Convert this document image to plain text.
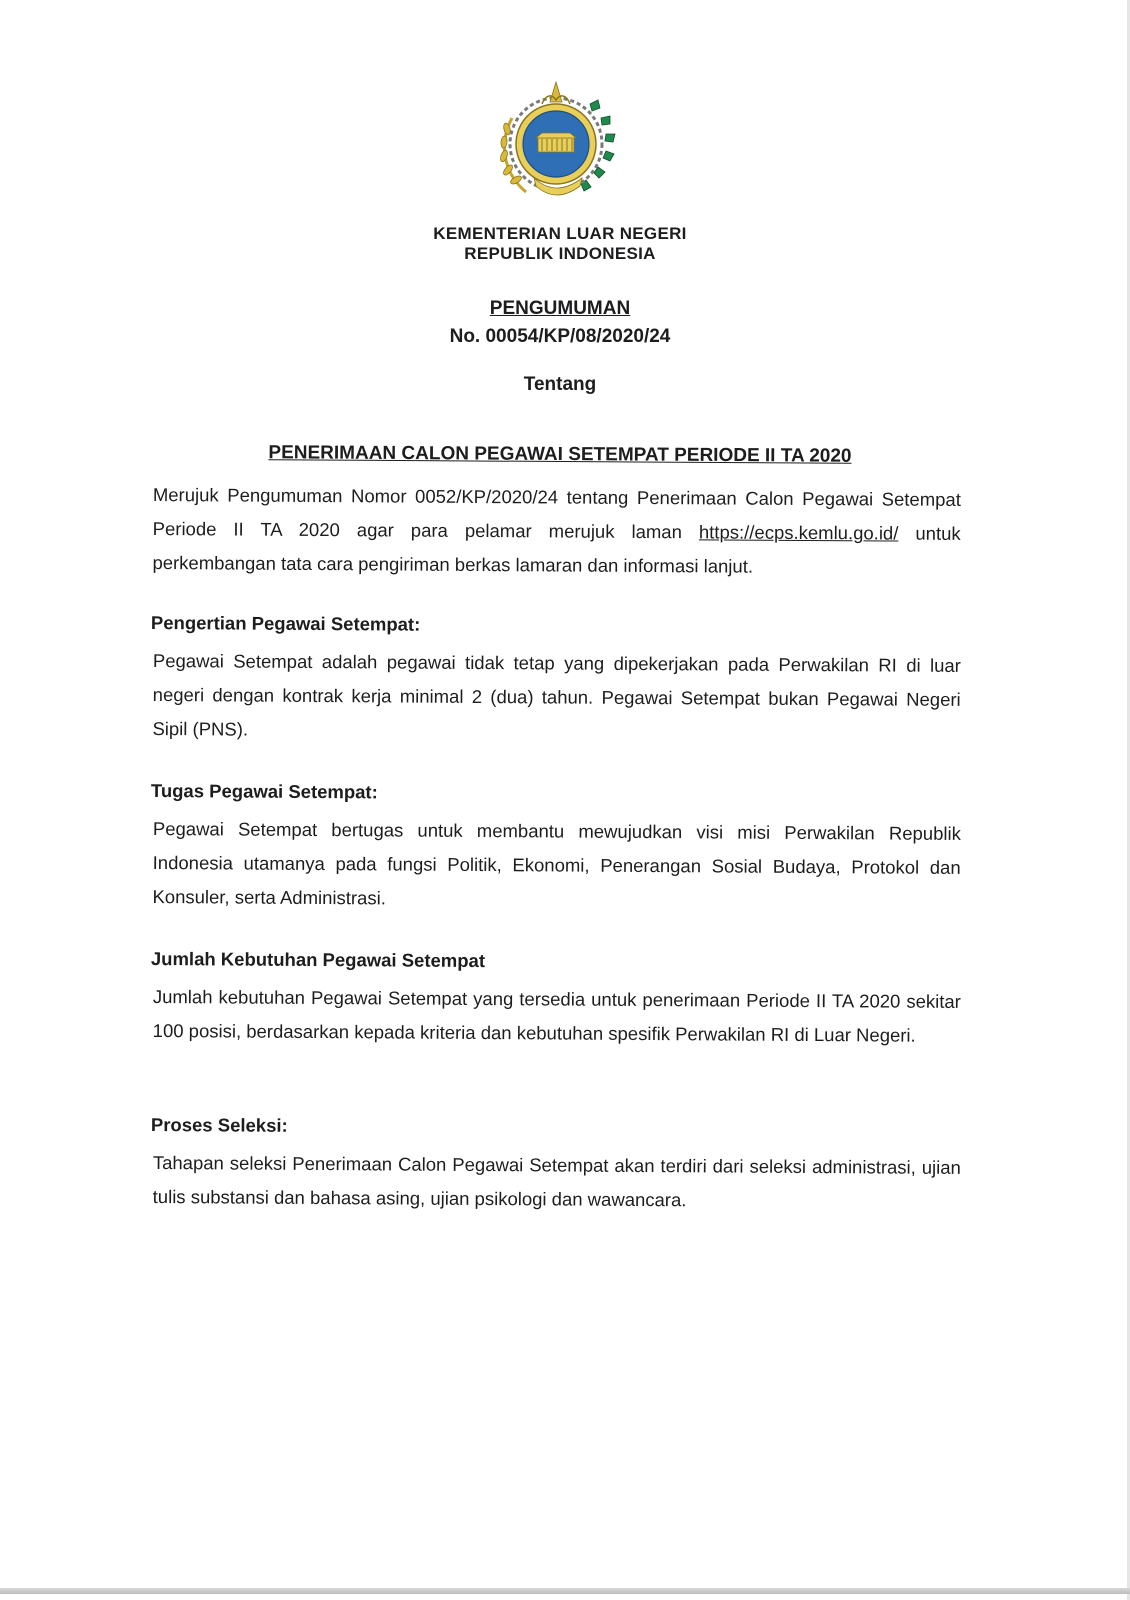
KEMENTERIAN LUAR NEGERI
REPUBLIK INDONESIA
PENGUMUMAN
No. 00054/KP/08/2020/24
Tentang
PENERIMAAN CALON PEGAWAI SETEMPAT PERIODE II TA 2020
Merujuk Pengumuman Nomor 0052/KP/2020/24 tentang Penerimaan Calon Pegawai Setempat Periode II TA 2020 agar para pelamar merujuk laman https://ecps.kemlu.go.id/ untuk perkembangan tata cara pengiriman berkas lamaran dan informasi lanjut.
Pengertian Pegawai Setempat:
Pegawai Setempat adalah pegawai tidak tetap yang dipekerjakan pada Perwakilan RI di luar negeri dengan kontrak kerja minimal 2 (dua) tahun. Pegawai Setempat bukan Pegawai Negeri Sipil (PNS).
Tugas Pegawai Setempat:
Pegawai Setempat bertugas untuk membantu mewujudkan visi misi Perwakilan Republik Indonesia utamanya pada fungsi Politik, Ekonomi, Penerangan Sosial Budaya, Protokol dan Konsuler, serta Administrasi.
Jumlah Kebutuhan Pegawai Setempat
Jumlah kebutuhan Pegawai Setempat yang tersedia untuk penerimaan Periode II TA 2020 sekitar 100 posisi, berdasarkan kepada kriteria dan kebutuhan spesifik Perwakilan RI di Luar Negeri.
Proses Seleksi:
Tahapan seleksi Penerimaan Calon Pegawai Setempat akan terdiri dari seleksi administrasi, ujian tulis substansi dan bahasa asing, ujian psikologi dan wawancara.
